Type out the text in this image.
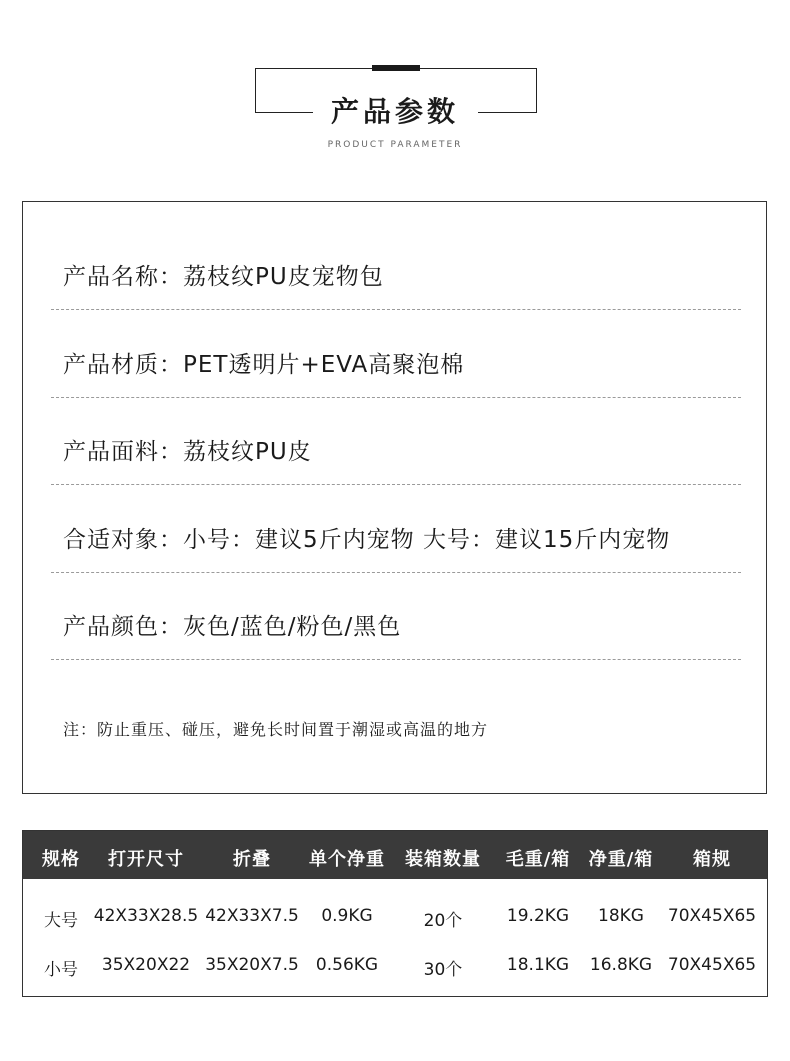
产品参数
PRODUCT PARAMETER
产品名称：荔枝纹PU皮宠物包
产品材质：PET透明片+EVA高聚泡棉
产品面料：荔枝纹PU皮
合适对象：小号：建议5斤内宠物 大号：建议15斤内宠物
产品颜色：灰色/蓝色/粉色/黑色
注：防止重压、碰压，避免长时间置于潮湿或高温的地方
规格 打开尺寸	折叠 单个净重 装箱数量 毛重/箱 净重/箱 箱规
大号 42X33X28.5 42X33X7.5 0.9KG	20个	19.2KG 18KG 70X45X65
小号 35X20X22 35X20X7.5 0.56KG	30个	18.1KG 16.8KG 70X45X65
